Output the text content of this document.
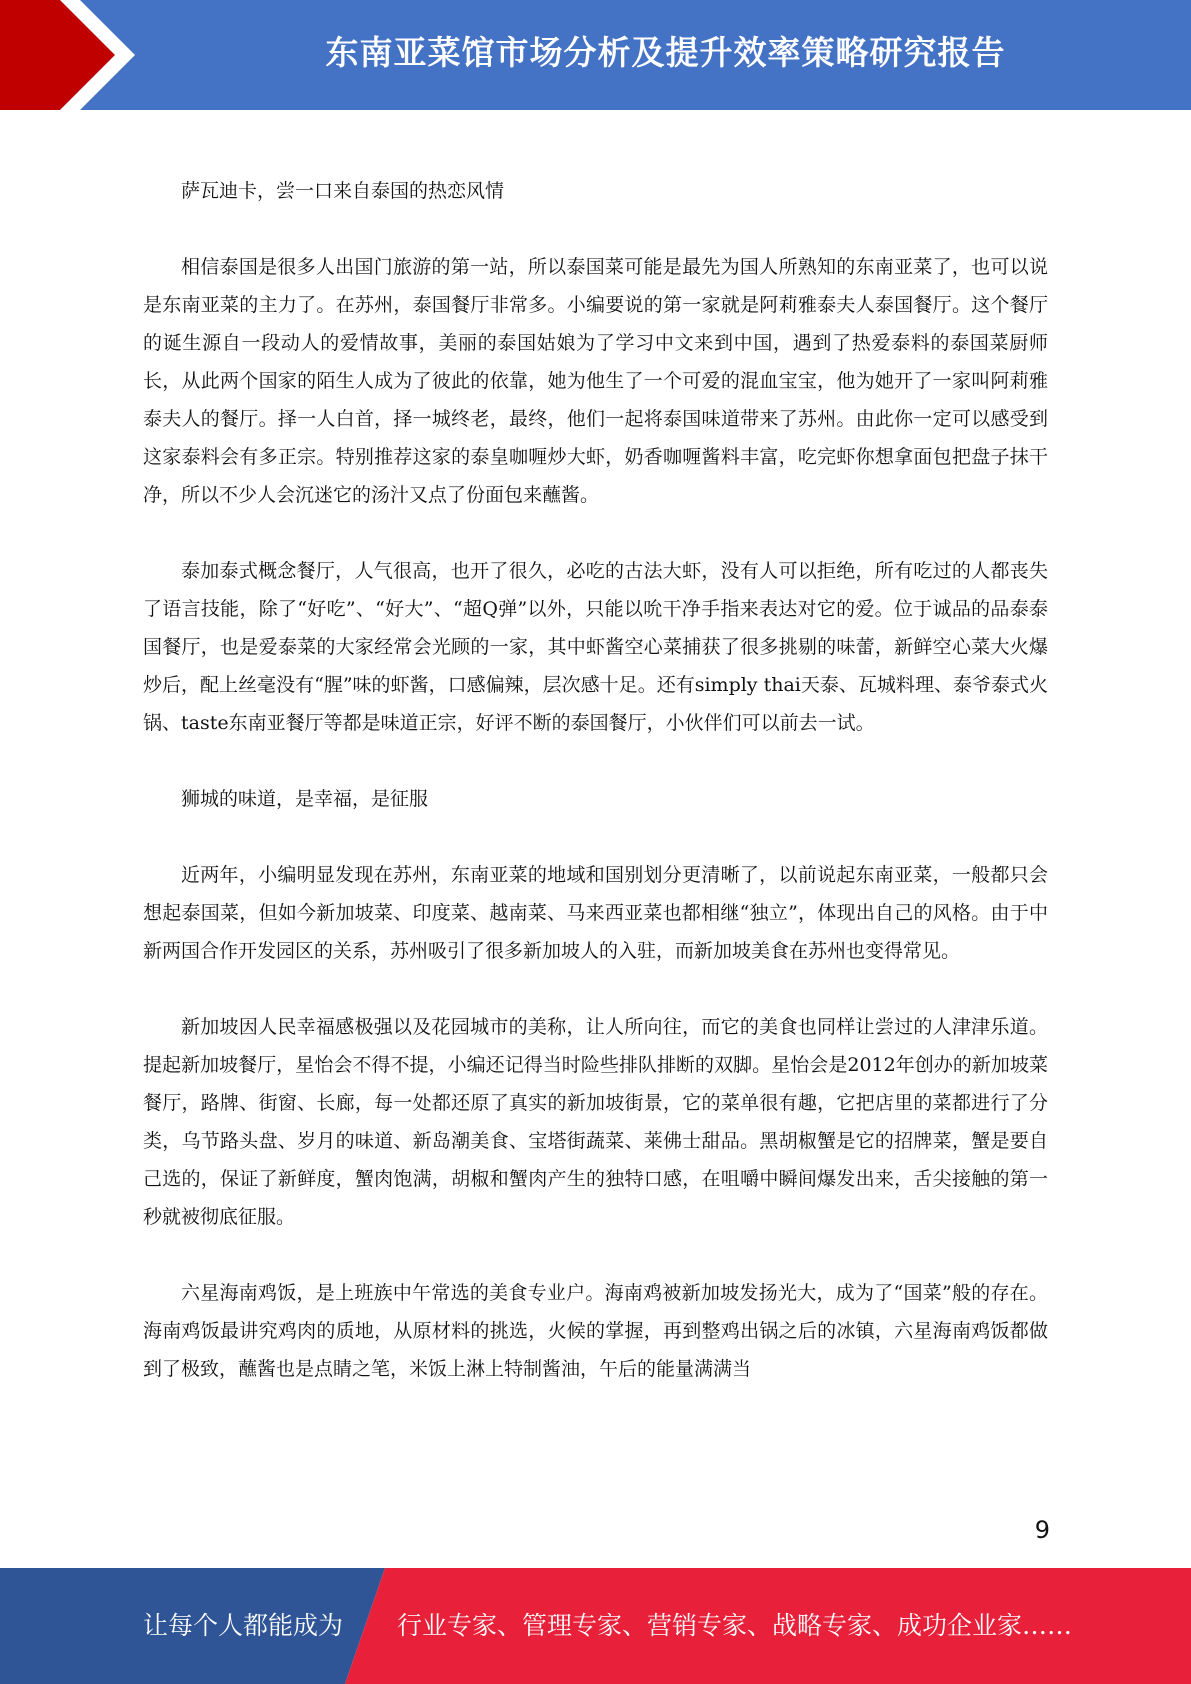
东南亚菜馆市场分析及提升效率策略研究报告

萨瓦迪卡，尝一口来自泰国的热恋风情

相信泰国是很多人出国门旅游的第一站，所以泰国菜可能是最先为国人所熟知的东南亚菜了，也可以说是东南亚菜的主力了。在苏州，泰国餐厅非常多。小编要说的第一家就是阿莉雅泰夫人泰国餐厅。这个餐厅的诞生源自一段动人的爱情故事，美丽的泰国姑娘为了学习中文来到中国，遇到了热爱泰料的泰国菜厨师长，从此两个国家的陌生人成为了彼此的依靠，她为他生了一个可爱的混血宝宝，他为她开了一家叫阿莉雅泰夫人的餐厅。择一人白首，择一城终老，最终，他们一起将泰国味道带来了苏州。由此你一定可以感受到这家泰料会有多正宗。特别推荐这家的泰皇咖喱炒大虾，奶香咖喱酱料丰富，吃完虾你想拿面包把盘子抹干净，所以不少人会沉迷它的汤汁又点了份面包来蘸酱。

泰加泰式概念餐厅，人气很高，也开了很久，必吃的古法大虾，没有人可以拒绝，所有吃过的人都丧失了语言技能，除了“好吃”、“好大”、“超Q弹”以外，只能以吮干净手指来表达对它的爱。位于诚品的品泰泰国餐厅，也是爱泰菜的大家经常会光顾的一家，其中虾酱空心菜捕获了很多挑剔的味蕾，新鲜空心菜大火爆炒后，配上丝毫没有“腥”味的虾酱，口感偏辣，层次感十足。还有simply thai天泰、瓦城料理、泰爷泰式火锅、taste东南亚餐厅等都是味道正宗，好评不断的泰国餐厅，小伙伴们可以前去一试。

狮城的味道，是幸福，是征服

近两年，小编明显发现在苏州，东南亚菜的地域和国别划分更清晰了，以前说起东南亚菜，一般都只会想起泰国菜，但如今新加坡菜、印度菜、越南菜、马来西亚菜也都相继“独立”，体现出自己的风格。由于中新两国合作开发园区的关系，苏州吸引了很多新加坡人的入驻，而新加坡美食在苏州也变得常见。

新加坡因人民幸福感极强以及花园城市的美称，让人所向往，而它的美食也同样让尝过的人津津乐道。提起新加坡餐厅，星怡会不得不提，小编还记得当时险些排队排断的双脚。星怡会是2012年创办的新加坡菜餐厅，路牌、街窗、长廊，每一处都还原了真实的新加坡街景，它的菜单很有趣，它把店里的菜都进行了分类，乌节路头盘、岁月的味道、新岛潮美食、宝塔街蔬菜、莱佛士甜品。黑胡椒蟹是它的招牌菜，蟹是要自己选的，保证了新鲜度，蟹肉饱满，胡椒和蟹肉产生的独特口感，在咀嚼中瞬间爆发出来，舌尖接触的第一秒就被彻底征服。

六星海南鸡饭，是上班族中午常选的美食专业户。海南鸡被新加坡发扬光大，成为了“国菜”般的存在。海南鸡饭最讲究鸡肉的质地，从原材料的挑选，火候的掌握，再到整鸡出锅之后的冰镇，六星海南鸡饭都做到了极致，蘸酱也是点睛之笔，米饭上淋上特制酱油，午后的能量满满当

9
让每个人都能成为 行业专家、管理专家、营销专家、战略专家、成功企业家……
